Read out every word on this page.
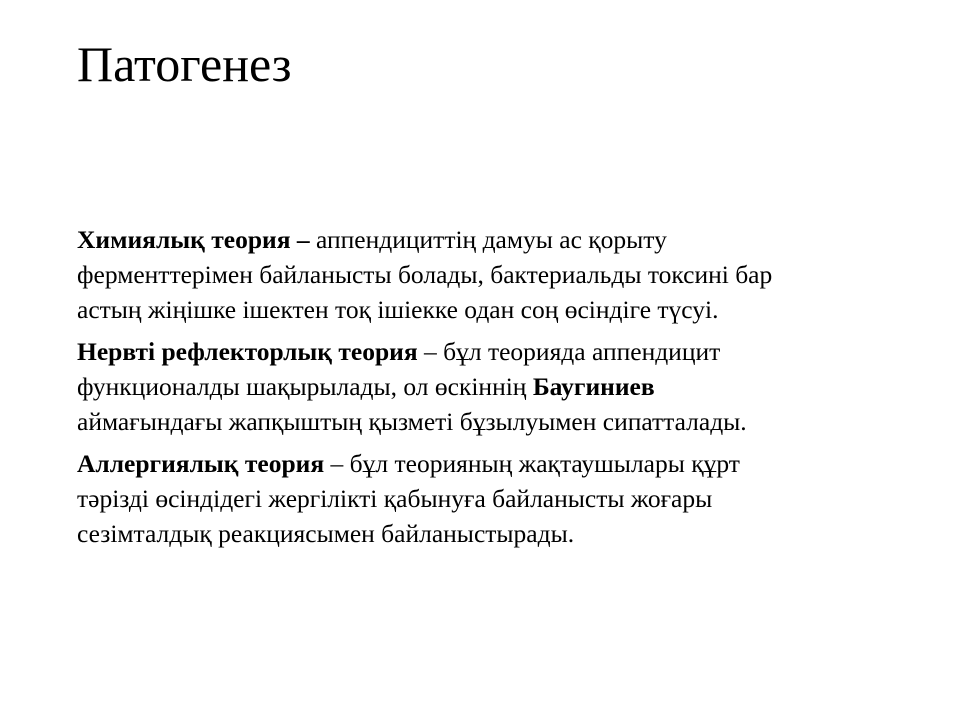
Патогенез

Химиялық теория – аппендициттің дамуы ас қорыту
ферменттерімен байланысты болады, бактериальды токсині бар
астың жіңішке ішектен тоқ ішіекке одан соң өсіндіге түсуі.

Нервті рефлекторлық теория – бұл теорияда аппендицит
функционалды шақырылады, ол өскіннің Баугиниев
аймағындағы жапқыштың қызметі бұзылуымен сипатталады.

Аллергиялық теория – бұл теорияның жақтаушылары құрт
тәрізді өсіндідегі жергілікті қабынуға байланысты жоғары
сезімталдық реакциясымен байланыстырады.
